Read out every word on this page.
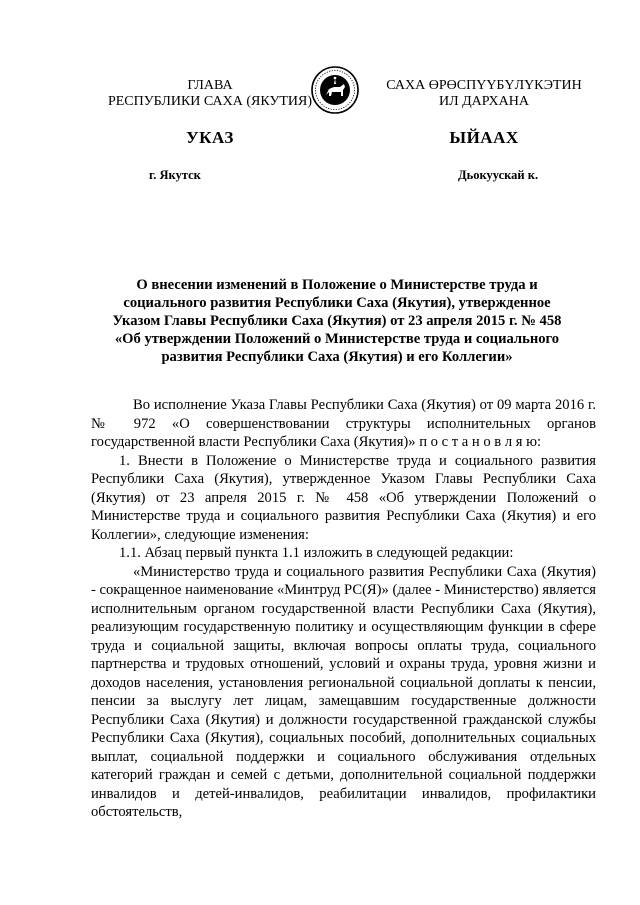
ГЛАВА
РЕСПУБЛИКИ САХА (ЯКУТИЯ)
САХА ӨРӨСПҮҮБҮЛҮКЭТИН
ИЛ ДАРХАНА
УКАЗ	ЫЙААХ
г. Якутск	Дьокуускай к.
О внесении изменений в Положение о Министерстве труда и
социального развития Республики Саха (Якутия), утвержденное
Указом Главы Республики Саха (Якутия) от 23 апреля 2015 г. № 458
«Об утверждении Положений о Министерстве труда и социального
развития Республики Саха (Якутия) и его Коллегии»

Во исполнение Указа Главы Республики Саха (Якутия) от 09 марта 2016 г. № 972 «О совершенствовании структуры исполнительных органов государственной власти Республики Саха (Якутия)» п о с т а н о в л я ю:

1. Внести в Положение о Министерстве труда и социального развития Республики Саха (Якутия), утвержденное Указом Главы Республики Саха (Якутия) от 23 апреля 2015 г. № 458 «Об утверждении Положений о Министерстве труда и социального развития Республики Саха (Якутия) и его Коллегии», следующие изменения:

1.1. Абзац первый пункта 1.1 изложить в следующей редакции:

«Министерство труда и социального развития Республики Саха (Якутия) - сокращенное наименование «Минтруд РС(Я)» (далее - Министерство) является исполнительным органом государственной власти Республики Саха (Якутия), реализующим государственную политику и осуществляющим функции в сфере труда и социальной защиты, включая вопросы оплаты труда, социального партнерства и трудовых отношений, условий и охраны труда, уровня жизни и доходов населения, установления региональной социальной доплаты к пенсии, пенсии за выслугу лет лицам, замещавшим государственные должности Республики Саха (Якутия) и должности государственной гражданской службы Республики Саха (Якутия), социальных пособий, дополнительных социальных выплат, социальной поддержки и социального обслуживания отдельных категорий граждан и семей с детьми, дополнительной социальной поддержки инвалидов и детей-инвалидов, реабилитации инвалидов, профилактики обстоятельств,
